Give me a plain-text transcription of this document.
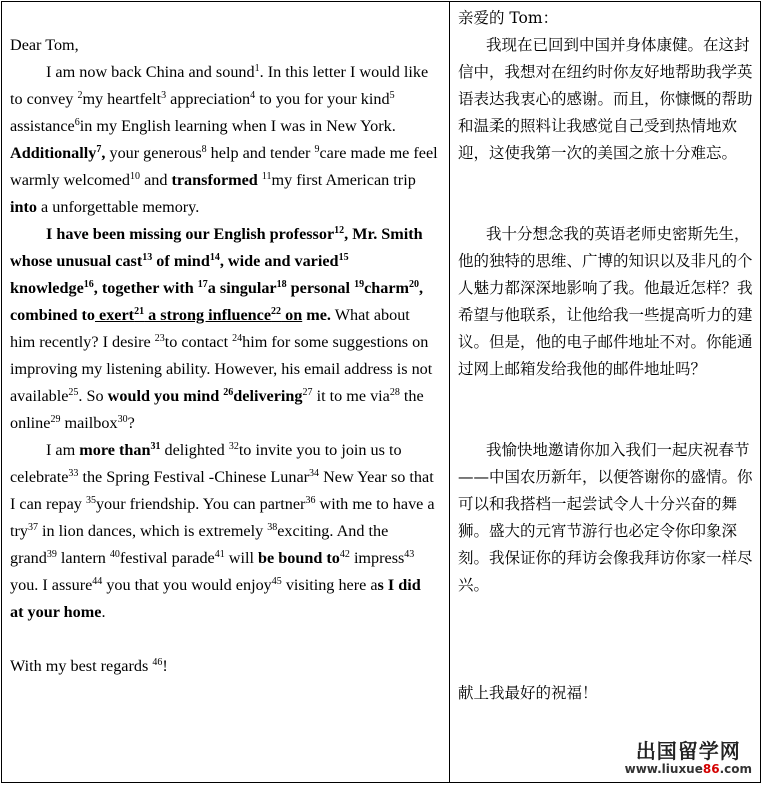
Dear Tom,

I am now back China and sound$^1$. In this letter I would like to convey $^2$my heartfelt$^3$ appreciation$^4$ to you for your kind$^5$ assistance$^6$in my English learning when I was in New York. Additionally$^7$, your generous$^8$ help and tender $^9$care made me feel warmly welcomed$^{10}$ and transformed $^{11}$my first American trip into a unforgettable memory.

I have been missing our English professor$^{12}$, Mr. Smith whose unusual cast$^{13}$ of mind$^{14}$, wide and varied$^{15}$ knowledge$^{16}$, together with $^{17}$a singular$^{18}$ personal $^{19}$charm$^{20}$, combined to exert$^{21}$ a strong influence$^{22}$ on me. What about him recently? I desire $^{23}$to contact $^{24}$him for some suggestions on improving my listening ability. However, his email address is not available$^{25}$. So would you mind $^{26}$delivering$^{27}$ it to me via$^{28}$ the online$^{29}$ mailbox$^{30}$?

I am more than$^{31}$ delighted $^{32}$to invite you to join us to celebrate$^{33}$ the Spring Festival -Chinese Lunar$^{34}$ New Year so that I can repay $^{35}$your friendship. You can partner$^{36}$ with me to have a try$^{37}$ in lion dances, which is extremely $^{38}$exciting. And the grand$^{39}$ lantern $^{40}$festival parade$^{41}$ will be bound $to^{42}$ impress$^{43}$ you. I assure$^{44}$ you that you would enjoy$^{45}$ visiting here as I did at your home.

With my best regards $^{46}$!

亲爱的 Tom：

我现在已回到中国并身体康健。在这封信中，我想对在纽约时你友好地帮助我学英语表达我衷心的感谢。而且，你慷慨的帮助和温柔的照料让我感觉自己受到热情地欢迎，这使我第一次的美国之旅十分难忘。

我十分想念我的英语老师史密斯先生，他的独特的思维、广博的知识以及非凡的个人魅力都深深地影响了我。他最近怎样？我希望与他联系，让他给我一些提高听力的建议。但是，他的电子邮件地址不对。你能通过网上邮箱发给我他的邮件地址吗？

我愉快地邀请你加入我们一起庆祝春节——中国农历新年，以便答谢你的盛情。你可以和我搭档一起尝试令人十分兴奋的舞狮。盛大的元宵节游行也必定令你印象深刻。我保证你的拜访会像我拜访你家一样尽兴。

献上我最好的祝福！

出国留学网
www.liuxue86.com
